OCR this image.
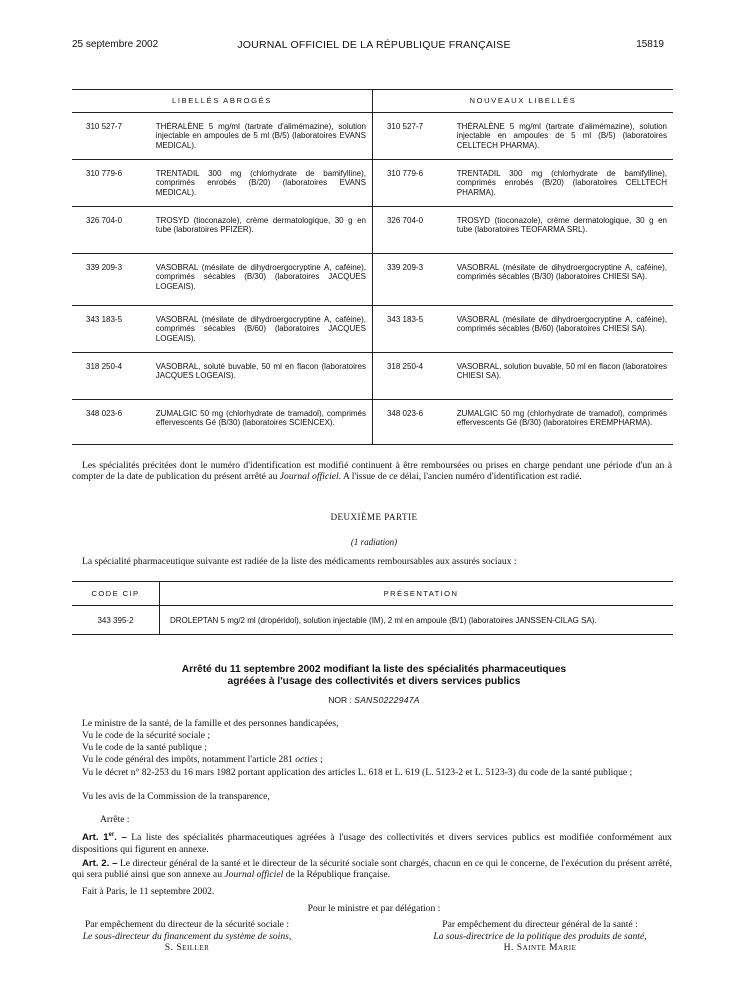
25 septembre 2002	JOURNAL OFFICIEL DE LA RÉPUBLIQUE FRANÇAISE	15819
LIBELLÉS ABROGÉS		NOUVEAUX LIBELLÉS	
310 527-7	THÉRALÈNE 5 mg/ml (tartrate d'alimémazine), solution injectable en ampoules de 5 ml (B/5) (laboratoires EVANS MEDICAL).	310 527-7	THÉRALÈNE 5 mg/ml (tartrate d'alimémazine), solution injectable en ampoules de 5 ml (B/5) (laboratoires CELLTECH PHARMA).
310 779-6	TRENTADIL 300 mg (chlorhydrate de bamifylline), comprimés enrobés (B/20) (laboratoires EVANS MEDICAL).	310 779-6	TRENTADIL 300 mg (chlorhydrate de bamifylline), comprimés enrobés (B/20) (laboratoires CELLTECH PHARMA).
326 704-0	TROSYD (tioconazole), crème dermatologique, 30 g en tube (laboratoires PFIZER).	326 704-0	TROSYD (tioconazole), crème dermatologique, 30 g en tube (laboratoires TEOFARMA SRL).
339 209-3	VASOBRAL (mésilate de dihydroergocryptine A, caféine), comprimés sécables (B/30) (laboratoires JACQUES LOGEAIS).	339 209-3	VASOBRAL (mésilate de dihydroergocryptine A, caféine), comprimés sécables (B/30) (laboratoires CHIESI SA).
343 183-5	VASOBRAL (mésilate de dihydroergocryptine A, caféine), comprimés sécables (B/60) (laboratoires JACQUES LOGEAIS).	343 183-5	VASOBRAL (mésilate de dihydroergocryptine A, caféine), comprimés sécables (B/60) (laboratoires CHIESI SA).
318 250-4	VASOBRAL, soluté buvable, 50 ml en flacon (laboratoires JACQUES LOGEAIS).	318 250-4	VASOBRAL, solution buvable, 50 ml en flacon (laboratoires CHIESI SA).
348 023-6	ZUMALGIC 50 mg (chlorhydrate de tramadol), comprimés effervescents Gé (B/30) (laboratoires SCIENCEX).	348 023-6	ZUMALGIC 50 mg (chlorhydrate de tramadol), comprimés effervescents Gé (B/30) (laboratoires EREMPHARMA).
Les spécialités précitées dont le numéro d'identification est modifié continuent à être remboursées ou prises en charge pendant une période d'un an à compter de la date de publication du présent arrêté au Journal officiel. A l'issue de ce délai, l'ancien numéro d'identification est radié.
DEUXIÈME PARTIE
(1 radiation)
La spécialité pharmaceutique suivante est radiée de la liste des médicaments remboursables aux assurés sociaux :
CODE CIP	PRÉSENTATION
343 395-2	DROLEPTAN 5 mg/2 ml (dropéridol), solution injectable (IM), 2 ml en ampoule (B/1) (laboratoires JANSSEN-CILAG SA).
Arrêté du 11 septembre 2002 modifiant la liste des spécialités pharmaceutiques
agréées à l'usage des collectivités et divers services publics
NOR : SANS0222947A
Le ministre de la santé, de la famille et des personnes handicapées,
Vu le code de la sécurité sociale ;
Vu le code de la santé publique ;
Vu le code général des impôts, notamment l'article 281 octies ;
Vu le décret n° 82-253 du 16 mars 1982 portant application des articles L. 618 et L. 619 (L. 5123-2 et L. 5123-3) du code de la santé publique ;
Vu les avis de la Commission de la transparence,
Arrête :
Art. 1er. – La liste des spécialités pharmaceutiques agréées à l'usage des collectivités et divers services publics est modifiée conformément aux dispositions qui figurent en annexe.
Art. 2. – Le directeur général de la santé et le directeur de la sécurité sociale sont chargés, chacun en ce qui le concerne, de l'exécution du présent arrêté, qui sera publié ainsi que son annexe au Journal officiel de la République française.
Fait à Paris, le 11 septembre 2002.
Pour le ministre et par délégation :
Par empêchement du directeur de la sécurité sociale :
Le sous-directeur du financement du système de soins,
S. Seiller
Par empêchement du directeur général de la santé :
La sous-directrice de la politique des produits de santé,
H. Sainte Marie
